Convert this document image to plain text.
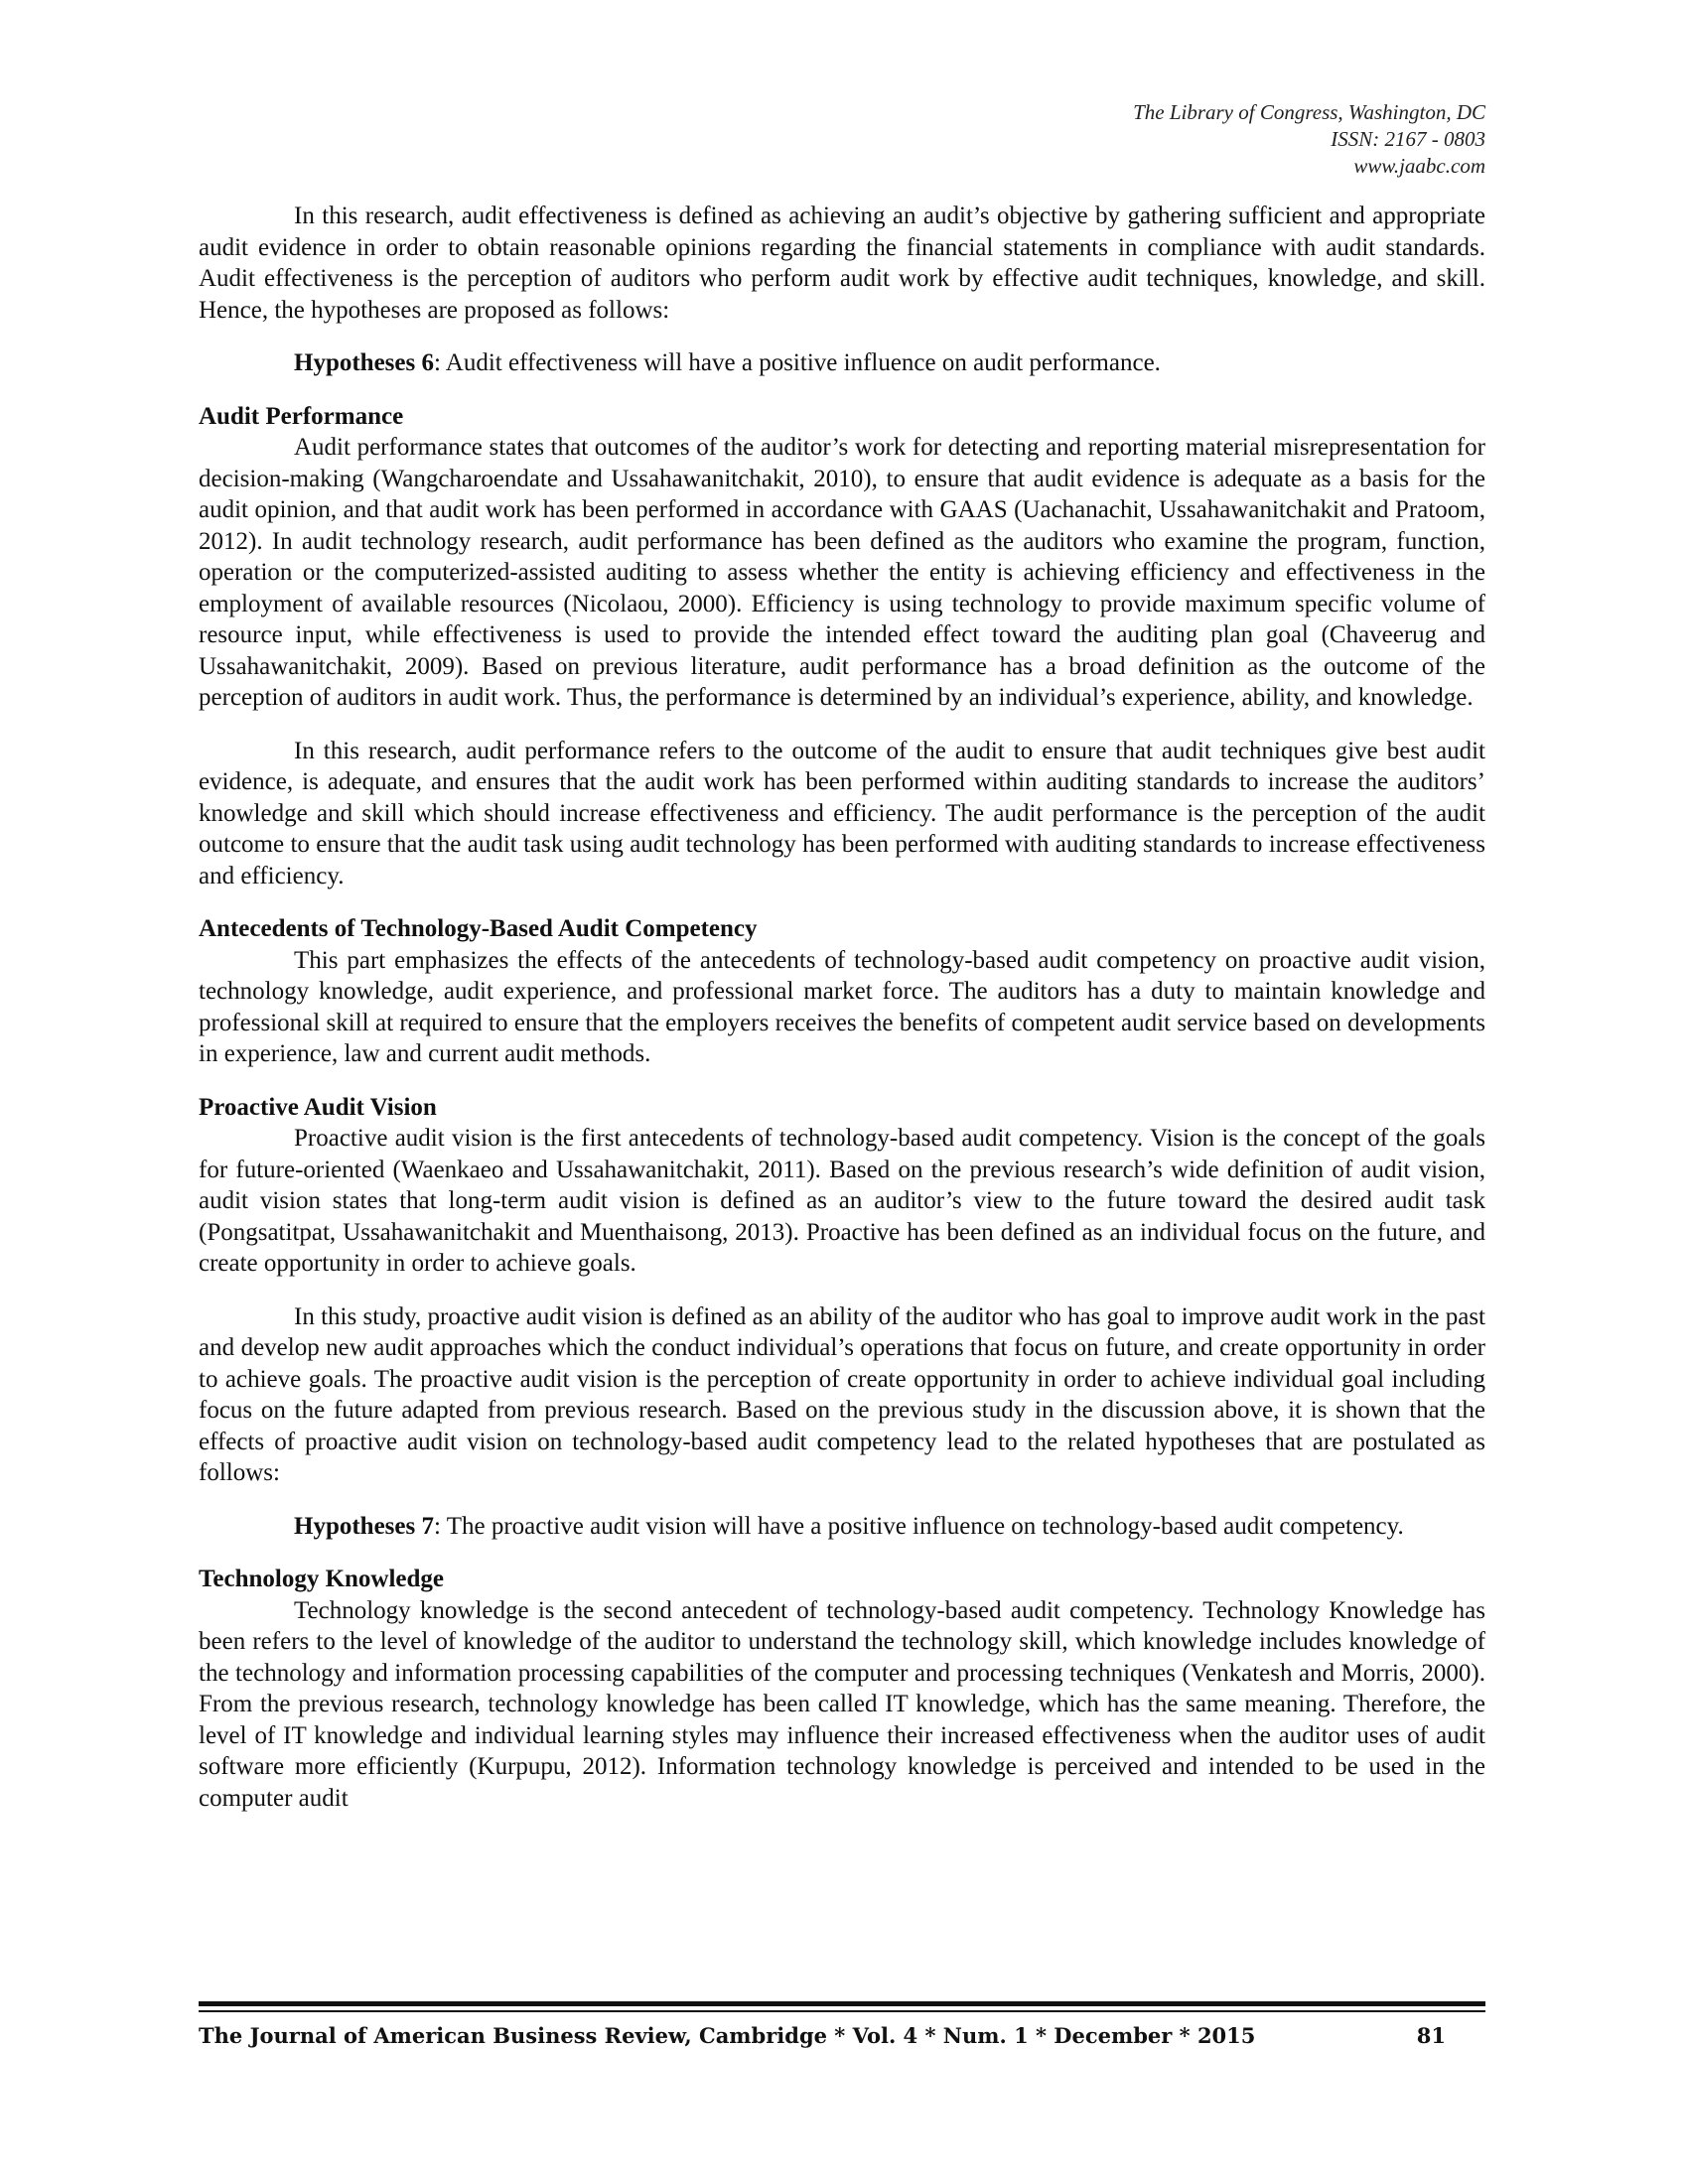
The Library of Congress, Washington, DC
ISSN: 2167 - 0803
www.jaabc.com

In this research, audit effectiveness is defined as achieving an audit’s objective by gathering sufficient and appropriate audit evidence in order to obtain reasonable opinions regarding the financial statements in compliance with audit standards. Audit effectiveness is the perception of auditors who perform audit work by effective audit techniques, knowledge, and skill. Hence, the hypotheses are proposed as follows:

Hypotheses 6: Audit effectiveness will have a positive influence on audit performance.

Audit Performance

Audit performance states that outcomes of the auditor’s work for detecting and reporting material misrepresentation for decision-making (Wangcharoendate and Ussahawanitchakit, 2010), to ensure that audit evidence is adequate as a basis for the audit opinion, and that audit work has been performed in accordance with GAAS (Uachanachit, Ussahawanitchakit and Pratoom, 2012). In audit technology research, audit performance has been defined as the auditors who examine the program, function, operation or the computerized-assisted auditing to assess whether the entity is achieving efficiency and effectiveness in the employment of available resources (Nicolaou, 2000). Efficiency is using technology to provide maximum specific volume of resource input, while effectiveness is used to provide the intended effect toward the auditing plan goal (Chaveerug and Ussahawanitchakit, 2009). Based on previous literature, audit performance has a broad definition as the outcome of the perception of auditors in audit work. Thus, the performance is determined by an individual’s experience, ability, and knowledge.

In this research, audit performance refers to the outcome of the audit to ensure that audit techniques give best audit evidence, is adequate, and ensures that the audit work has been performed within auditing standards to increase the auditors’ knowledge and skill which should increase effectiveness and efficiency. The audit performance is the perception of the audit outcome to ensure that the audit task using audit technology has been performed with auditing standards to increase effectiveness and efficiency.

Antecedents of Technology-Based Audit Competency

This part emphasizes the effects of the antecedents of technology-based audit competency on proactive audit vision, technology knowledge, audit experience, and professional market force. The auditors has a duty to maintain knowledge and professional skill at required to ensure that the employers receives the benefits of competent audit service based on developments in experience, law and current audit methods.

Proactive Audit Vision

Proactive audit vision is the first antecedents of technology-based audit competency. Vision is the concept of the goals for future-oriented (Waenkaeo and Ussahawanitchakit, 2011). Based on the previous research’s wide definition of audit vision, audit vision states that long-term audit vision is defined as an auditor’s view to the future toward the desired audit task (Pongsatitpat, Ussahawanitchakit and Muenthaisong, 2013). Proactive has been defined as an individual focus on the future, and create opportunity in order to achieve goals.

In this study, proactive audit vision is defined as an ability of the auditor who has goal to improve audit work in the past and develop new audit approaches which the conduct individual’s operations that focus on future, and create opportunity in order to achieve goals. The proactive audit vision is the perception of create opportunity in order to achieve individual goal including focus on the future adapted from previous research. Based on the previous study in the discussion above, it is shown that the effects of proactive audit vision on technology-based audit competency lead to the related hypotheses that are postulated as follows:

Hypotheses 7: The proactive audit vision will have a positive influence on technology-based audit competency.

Technology Knowledge

Technology knowledge is the second antecedent of technology-based audit competency. Technology Knowledge has been refers to the level of knowledge of the auditor to understand the technology skill, which knowledge includes knowledge of the technology and information processing capabilities of the computer and processing techniques (Venkatesh and Morris, 2000). From the previous research, technology knowledge has been called IT knowledge, which has the same meaning. Therefore, the level of IT knowledge and individual learning styles may influence their increased effectiveness when the auditor uses of audit software more efficiently (Kurpupu, 2012). Information technology knowledge is perceived and intended to be used in the computer audit

The Journal of American Business Review, Cambridge * Vol. 4 * Num. 1 * December * 2015	81
